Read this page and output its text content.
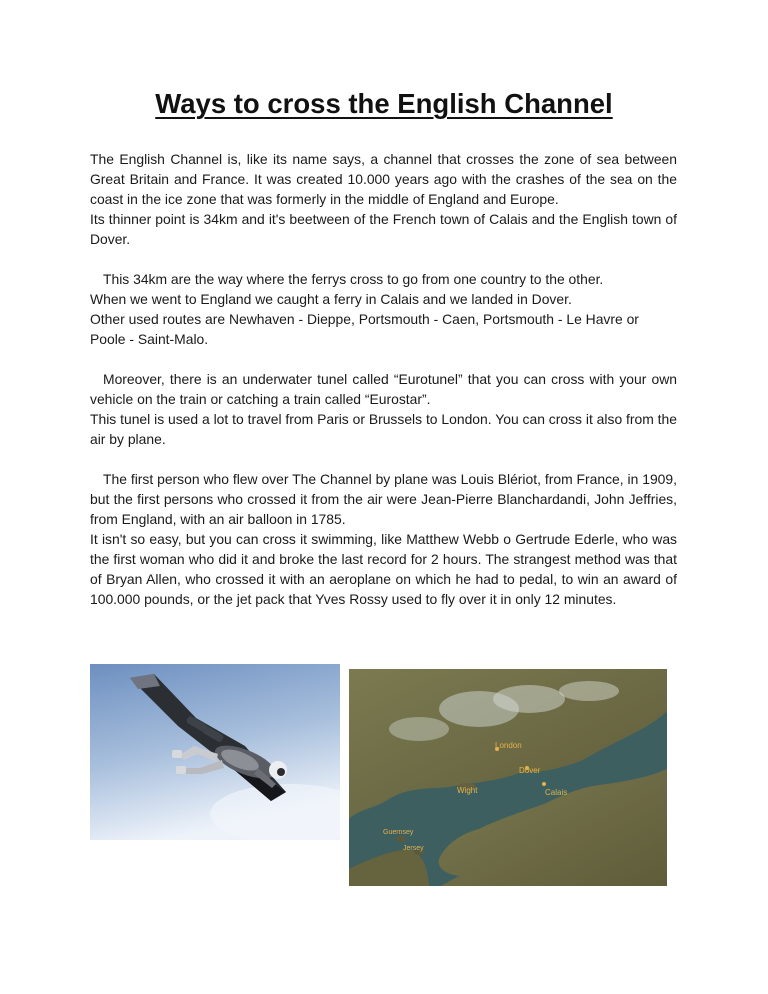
Ways to cross the English Channel

The English Channel is, like its name says, a channel that crosses the zone of sea between Great Britain and France. It was created 10.000 years ago with the crashes of the sea on the coast in the ice zone that was formerly in the middle of England and Europe.

Its thinner point is 34km and it's beetween of the French town of Calais and the English town of Dover.

This 34km are the way where the ferrys cross to go from one country to the other.

When we went to England we caught a ferry in Calais and we landed in Dover.

Other used routes are Newhaven - Dieppe, Portsmouth - Caen, Portsmouth - Le Havre or Poole - Saint-Malo.

Moreover, there is an underwater tunel called “Eurotunel” that you can cross with your own vehicle on the train or catching a train called “Eurostar”.

This tunel is used a lot to travel from Paris or Brussels to London. You can cross it also from the air by plane.

The first person who flew over The Channel by plane was Louis Blériot, from France, in 1909, but the first persons who crossed it from the air were Jean-Pierre Blanchardandi, John Jeffries, from England, with an air balloon in 1785.

It isn't so easy, but you can cross it swimming, like Matthew Webb o Gertrude Ederle, who was the first woman who did it and broke the last record for 2 hours. The strangest method was that of Bryan Allen, who crossed it with an aeroplane on which he had to pedal, to win an award of 100.000 pounds, or the jet pack that Yves Rossy used to fly over it in only 12 minutes.

London
Dover
Calais
Wight
Guernsey
Jersey
